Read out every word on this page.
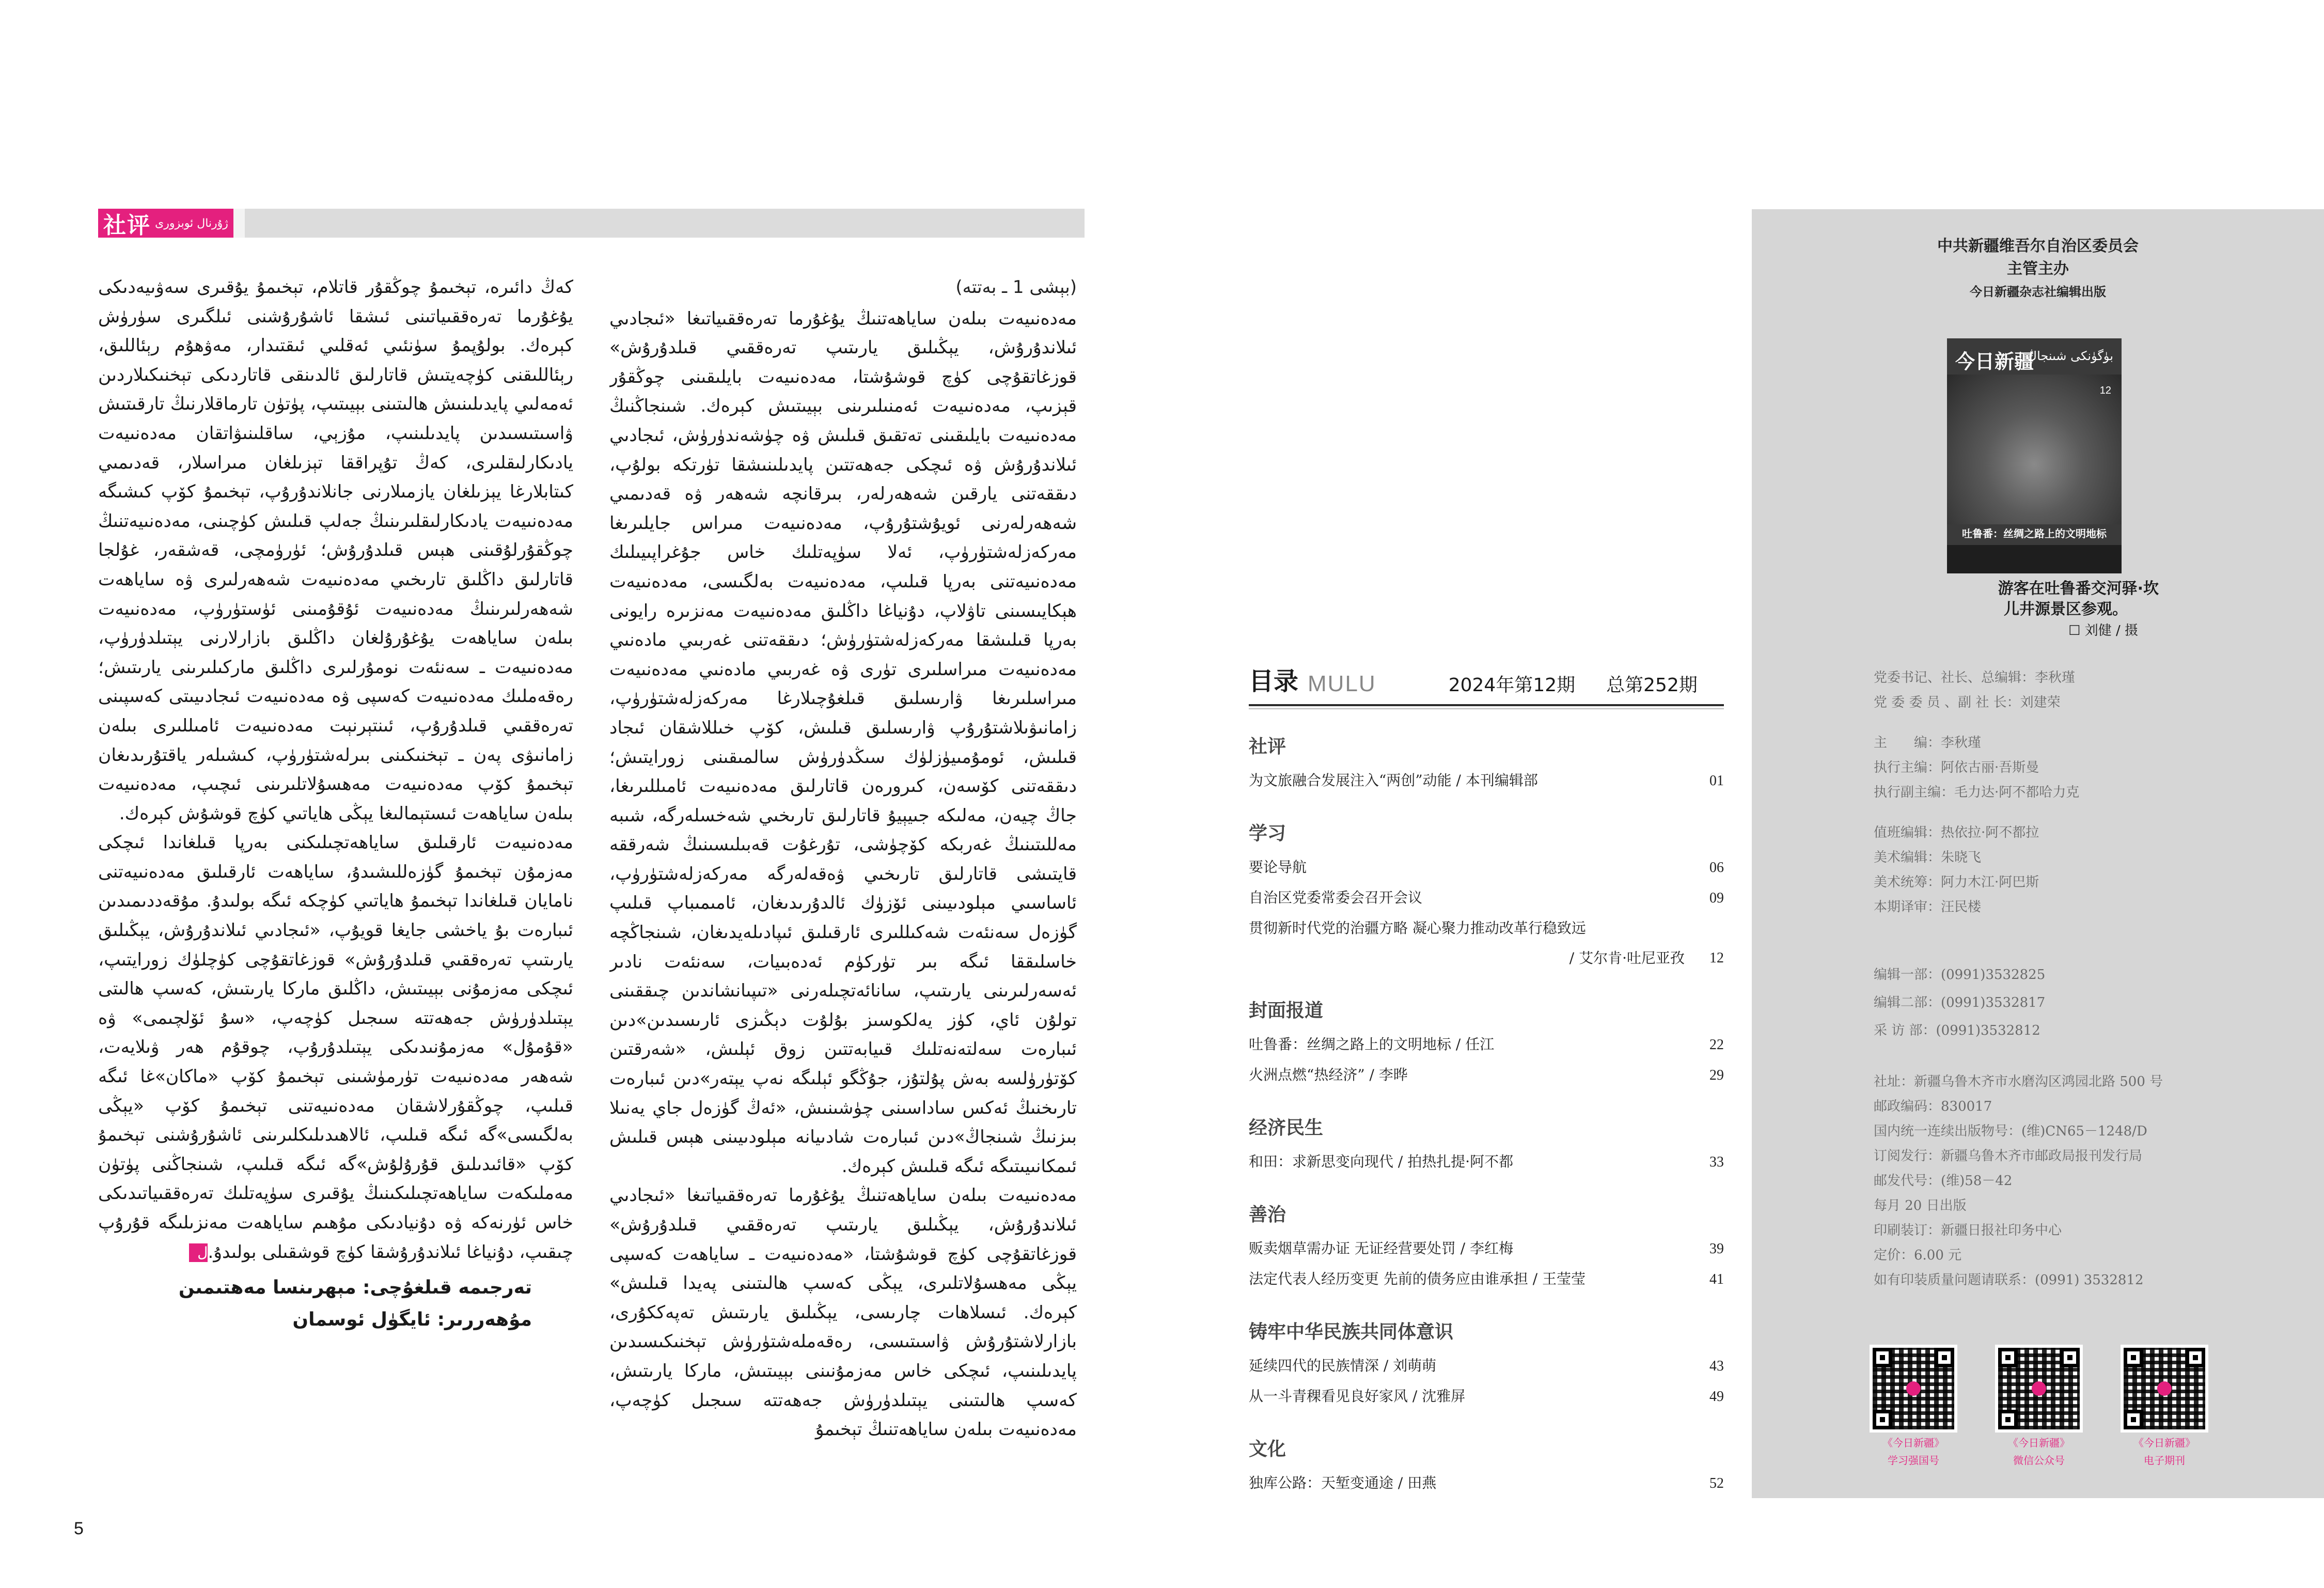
社评 ژۇرنال ئوبزورى
(بېشى 1 ـ بەتتە)

مەدەنىيەت بىلەن ساياھەتنىڭ يۇغۇرما تەرەققىياتىغا «ئىجادىي ئىلاندۇرۇش، يېڭىلىق يارىتىپ تەرەققىي قىلدۇرۇش» قوزغاتقۇچى كۈچ قوشۇشتا، مەدەنىيەت بايلىقىنى چوڭقۇر قېزىپ، مەدەنىيەت ئەمنىلىرىنى بېيىتىش كېرەك. شىنجاڭنىڭ مەدەنىيەت بايلىقىنى تەتقىق قىلىش ۋە چۈشەندۈرۈش، ئىجادىي ئىلاندۇرۇش ۋە ئىچكى جەھەتتىن پايدىلىنىشقا تۈرتكە بولۇپ، دىققەتنى يارقىن شەھەرلەر، بىرقانچە شەھەر ۋە قەدىمىي شەھەرلەرنى ئويۇشتۇرۇپ، مەدەنىيەت مىراس جايلىرىغا مەركەزلەشتۈرۈپ، ئەلا سۈپەتلىك خاس جۇغراپىيىلىك مەدەنىيەتنى بەرپا قىلىپ، مەدەنىيەت بەلگىسى، مەدەنىيەت ھېكايىسىنى تاۋلاپ، دۇنياغا داڭلىق مەدەنىيەت مەنزىرە رايونى بەرپا قىلىشقا مەركەزلەشتۈرۈش؛ دىققەتنى غەربىي مادەنىي مەدەنىيەت مىراسلىرى تۈرى ۋە غەربىي مادەنىي مەدەنىيەت مىراسلىرىغا ۋارىسلىق قىلغۇچىلارغا مەركەزلەشتۈرۈپ، زامانىۋىلاشتۇرۇپ ۋارىسلىق قىلىش، كۆپ خىللاشقان ئىجاد قىلىش، ئومۇمىيۈزلۈك سىڭدۈرۈش سالمىقىنى زورايتىش؛ دىققەتنى كۆسەن، كىرورەن قاتارلىق مەدەنىيەت ئامىللىرىغا، جاڭ چيەن، مەلىكە جىيېيۇ قاتارلىق تارىخىي شەخسلەرگە، شىبە مەللىتىنىڭ غەربكە كۆچۈشى، تۇرغۇت قەبىلىسىنىڭ شەرققە قايتىشى قاتارلىق تارىخىي ۋەقەلەرگە مەركەزلەشتۈرۈپ، ئاساسىي مېلودىيىنى ئۆزۈك ئالدۇرىدىغان، ئامىمىباپ قىلىپ گۈزەل سەنئەت شەكىللىرى ئارقىلىق ئىپادىلەيدىغان، شىنجاڭچە خاسلىققا ئىگە بىر تۈركۈم ئەدەبىيات، سەنئەت نادىر ئەسەرلىرىنى يارىتىپ، سانائەتچىلەرنى «تىپىانشاندىن چىققىنى تولۇن ئاي، كۈز يەلكوسىز بۇلۇت دېڭىزى ئارىسىدىن»دىن ئىبارەت سەلتەنەتلىك قىيابەتتىن زوق ئېلىش، «شەرقتىن كۆتۈرۈلسە بەش پۇلتۇز، جۇڭگو ئېلىگە نەپ يېتەر»دىن ئىبارەت تارىخنىڭ ئەكس ساداسىنى چۈشىنىش، «ئەڭ گۈزەل جاي يەنىلا بىزنىڭ شىنجاڭ»دىن ئىبارەت شادىيانە مېلودىيىنى ھېس قىلىش ئىمكانىيىتىگە ئىگە قىلىش كېرەك.

مەدەنىيەت بىلەن ساياھەتنىڭ يۇغۇرما تەرەققىياتىغا «ئىجادىي ئىلاندۇرۇش، يېڭىلىق يارىتىپ تەرەققىي قىلدۇرۇش» قوزغاتقۇچى كۈچ قوشۇشتا، «مەدەنىيەت ـ ساياھەت كەسپى يېڭى مەھسۇلاتلىرى، يېڭى كەسپ ھالىتىنى پەيدا قىلىش» كېرەك. ئىسلاھات چارىسى، يېڭىلىق يارىتىش تەپەككۇرى، بازارلاشتۇرۇش ۋاسىتىسى، رەقەملەشتۈرۈش تېخنىكىسىدىن پايدىلىنىپ، ئىچكى خاس مەزمۇنىنى بېيىتىش، ماركا يارىتىش، كەسپ ھالىتىنى يېتىلدۈرۈش جەھەتتە سىجىل كۈچەپ، مەدەنىيەت بىلەن ساياھەتنىڭ تېخىمۇ

كەڭ دائىرە، تېخىمۇ چوڭقۇر قاتلام، تېخىمۇ يۇقىرى سەۋىيەدىكى يۇغۇرما تەرەققىياتىنى ئىشقا ئاشۇرۇشنى ئىلگىرى سۈرۈش كېرەك. بولۇپمۇ سۈنئىي ئەقلىي ئىقتىدار، مەۋھۇم رېئاللىق، رېئاللىقنى كۈچەيتىش قاتارلىق ئالدىنقى قاتاردىكى تېخنىكىلاردىن ئەمەلىي پايدىلىنىش ھالىتىنى بېيىتىپ، پۈتۈن تارماقلارنىڭ تارقىتىش ۋاسىتىسىدىن پايدىلىنىپ، مۇزېي، ساقلىنىۋاتقان مەدەنىيەت يادىكارلىقلىرى، كەڭ تۇپراققا تېزىلغان مىراسلار، قەدىمىي كىتابلارغا يېزىلغان يازمىلارنى جانلاندۇرۇپ، تېخىمۇ كۆپ كىشىگە مەدەنىيەت يادىكارلىقلىرىنىڭ جەلپ قىلىش كۈچىنى، مەدەنىيەتنىڭ چوڭقۇرلۇقىنى ھېس قىلدۇرۇش؛ ئۈرۈمچى، قەشقەر، غۇلجا قاتارلىق داڭلىق تارىخىي مەدەنىيەت شەھەرلىرى ۋە ساياھەت شەھەرلىرىنىڭ مەدەنىيەت ئۇقۇمىنى ئۈستۈرۈپ، مەدەنىيەت بىلەن ساياھەت يۇغۇرۇلغان داڭلىق بازارلارنى يېتىلدۈرۈپ، مەدەنىيەت ـ سەنئەت نومۇرلىرى داڭلىق ماركىلىرىنى يارىتىش؛ رەقەملىك مەدەنىيەت كەسپى ۋە مەدەنىيەت ئىجادىيىتى كەسپىنى تەرەققىي قىلدۇرۇپ، ئىنتېرنېت مەدەنىيەت ئامىللىرى بىلەن زامانىۋى پەن ـ تېخنىكىنى بىرلەشتۈرۈپ، كىشىلەر ياقتۇرىدىغان تېخىمۇ كۆپ مەدەنىيەت مەھسۇلاتلىرىنى ئىچىپ، مەدەنىيەت بىلەن ساياھەت ئىستېمالىغا يېڭى ھاياتىي كۈچ قوشۇش كېرەك.

مەدەنىيەت ئارقىلىق ساياھەتچىلىكنى بەرپا قىلغاندا ئىچكى مەزمۇن تېخىمۇ گۈزەللىشىدۇ، ساياھەت ئارقىلىق مەدەنىيەتنى نامايان قىلغاندا تېخىمۇ ھاياتىي كۈچكە ئىگە بولىدۇ. مۇقەددىمىدىن ئىبارەت بۇ ياخشى جايغا قويۇپ، «ئىجادىي ئىلاندۇرۇش، يېڭىلىق يارىتىپ تەرەققىي قىلدۇرۇش» قوزغاتقۇچى كۈچلۈك زورايتىپ، ئىچكى مەزمۇنى بېيىتىش، داڭلىق ماركا يارىتىش، كەسپ ھالىتى يېتىلدۈرۈش جەھەتتە سىجىل كۈچەپ، «سۇ ئۆلچىمى» ۋە «قۇمۇل» مەزمۇنىدىكى يېتىلدۇرۇپ، چوقۇم ھەر ۋىلايەت، شەھەر مەدەنىيەت تۈرمۈشىنى تېخىمۇ كۆپ «ماكان»غا ئىگە قىلىپ، چوڭقۇرلاشقان مەدەنىيەتنى تېخىمۇ كۆپ «يېڭى بەلگىسى»گە ئىگە قىلىپ، ئالاھىدىلىكلىرىنى ئاشۇرۇشنى تېخىمۇ كۆپ «قائىدىلىق قۇرۇلۇش»گە ئىگە قىلىپ، شىنجاڭنى پۈتۈن مەملىكەت ساياھەتچىلىكىنىڭ يۇقىرى سۈپەتلىك تەرەققىياتىدىكى خاس ئۈرنەكە ۋە دۇنيادىكى مۇھىم ساياھەت مەنزىلىگە قۇرۇپ چىقىپ، دۇنياغا ئىلاندۇرۇشقا كۈچ قوشقىلى بولىدۇ.ل

تەرجىمە قىلغۇچى: مېھرىنسا مەھتىمىن
مۇھەررىر: ئايگۈل ئوسمان
5
目录 MULU	2024年第12期 总第252期
社评
为文旅融合发展注入“两创”动能 / 本刊编辑部	01
学习
要论导航	06
自治区党委常委会召开会议	09
贯彻新时代党的治疆方略 凝心聚力推动改革行稳致远
/ 艾尔肯·吐尼亚孜 12
封面报道
吐鲁番：丝绸之路上的文明地标 / 任江	22
火洲点燃“热经济” / 李晔	29
经济民生
和田：求新思变向现代 / 拍热扎提·阿不都	33
善治
贩卖烟草需办证 无证经营要处罚 / 李红梅	39
法定代表人经历变更 先前的债务应由谁承担 / 王莹莹	41
铸牢中华民族共同体意识
延续四代的民族情深 / 刘萌萌	43
从一斗青稞看见良好家风 / 沈雅屏	49
文化
独库公路：天堑变通途 / 田燕	52
中共新疆维吾尔自治区委员会
主管主办
今日新疆杂志社编辑出版
今日新疆
بۈگۈنكى شىنجاڭ
12
吐鲁番：丝绸之路上的文明地标
游客在吐鲁番交河驿·坎
儿井源景区参观。
☐ 刘健 / 摄
党委书记、社长、总编辑：李秋瑾
党 委 委 员 、副 社 长：刘建荣
主　　编：李秋瑾
执行主编：阿依古丽·吾斯曼
执行副主编：毛力达·阿不都哈力克
值班编辑：热依拉·阿不都拉
美术编辑：朱晓飞
美术统筹：阿力木江·阿巴斯
本期译审：汪民楼
编辑一部：(0991)3532825
编辑二部：(0991)3532817
采 访 部：(0991)3532812
社址：新疆乌鲁木齐市水磨沟区鸿园北路 500 号
邮政编码：830017
国内统一连续出版物号：(维)CN65－1248/D
订阅发行：新疆乌鲁木齐市邮政局报刊发行局
邮发代号：(维)58－42
每月 20 日出版
印刷装订：新疆日报社印务中心
定价：6.00 元
如有印装质量问题请联系：(0991) 3532812
《今日新疆》
学习强国号
《今日新疆》
微信公众号
《今日新疆》
电子期刊
